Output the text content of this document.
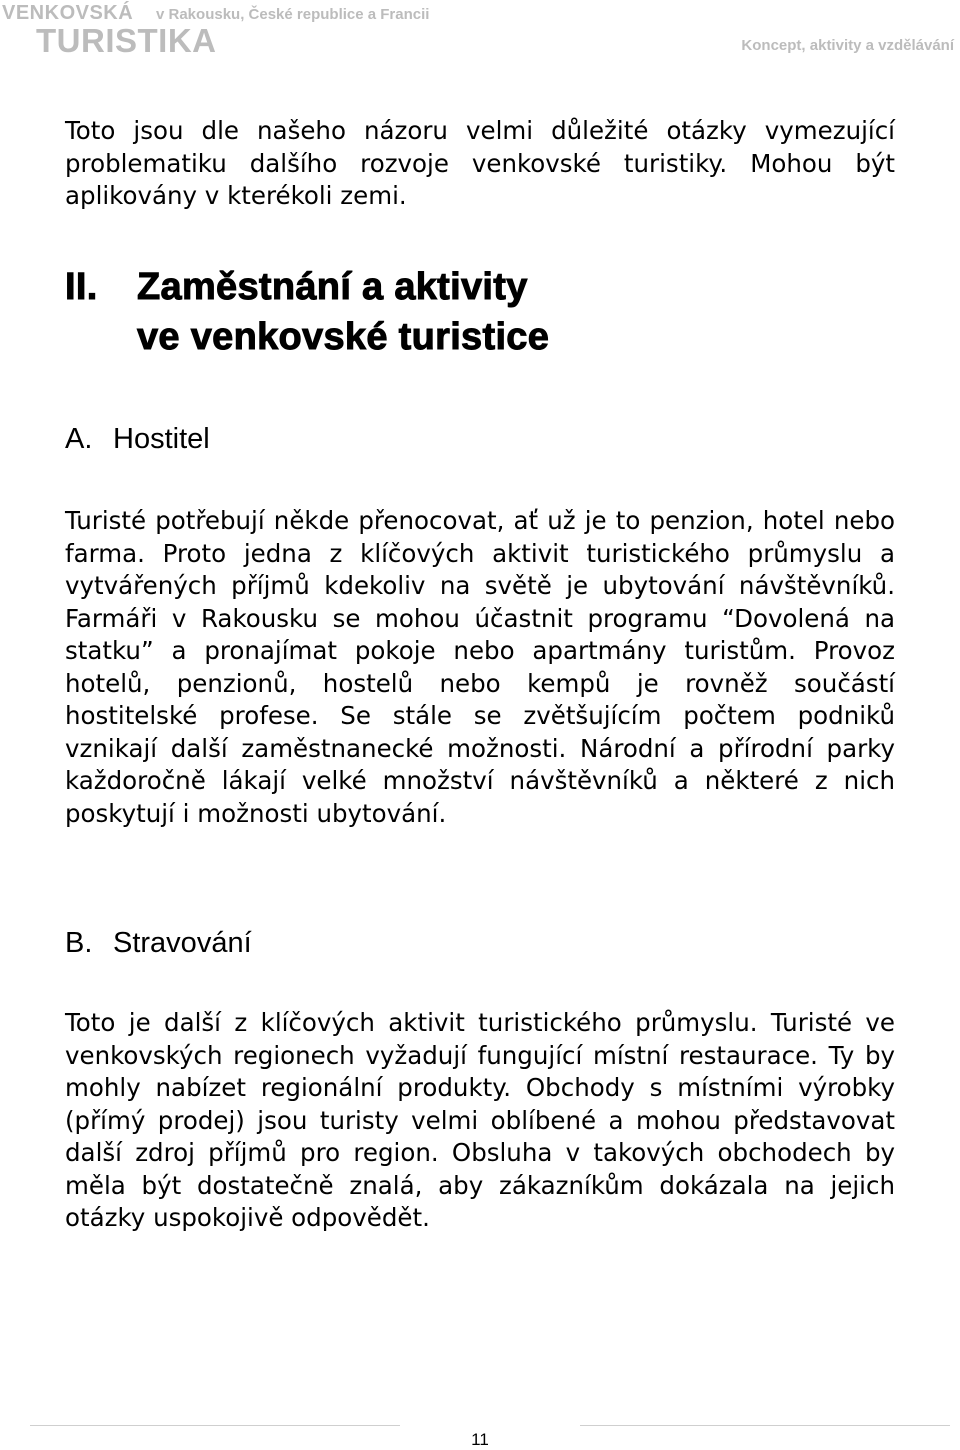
VENKOVSKÁ v Rakousku, České republice a Francii
TURISTIKA	Koncept, aktivity a vzdělávání

Toto jsou dle našeho názoru velmi důležité otázky vymezující problematiku dalšího rozvoje venkovské turistiky. Mohou být aplikovány v kterékoli zemi.

II. Zaměstnání a aktivity
ve venkovské turistice
A. Hostitel

Turisté potřebují někde přenocovat, ať už je to penzion, hotel nebo farma. Proto jedna z klíčových aktivit turistického průmyslu a vytvářených příjmů kdekoliv na světě je ubytování návštěvníků. Farmáři v Rakousku se mohou účastnit programu “Dovolená na statku” a pronajímat pokoje nebo apartmány turistům. Provoz hotelů, penzionů, hostelů nebo kempů je rovněž součástí hostitelské profese. Se stále se zvětšujícím počtem podniků vznikají další zaměstnanecké možnosti. Národní a přírodní parky každoročně lákají velké množství návštěvníků a některé z nich poskytují i možnosti ubytování.

B. Stravování

Toto je další z klíčových aktivit turistického průmyslu. Turisté ve venkovských regionech vyžadují fungující místní restaurace. Ty by mohly nabízet regionální produkty. Obchody s místními výrobky (přímý prodej) jsou turisty velmi oblíbené a mohou představovat další zdroj příjmů pro region. Obsluha v takových obchodech by měla být dostatečně znalá, aby zákazníkům dokázala na jejich otázky uspokojivě odpovědět.

11
